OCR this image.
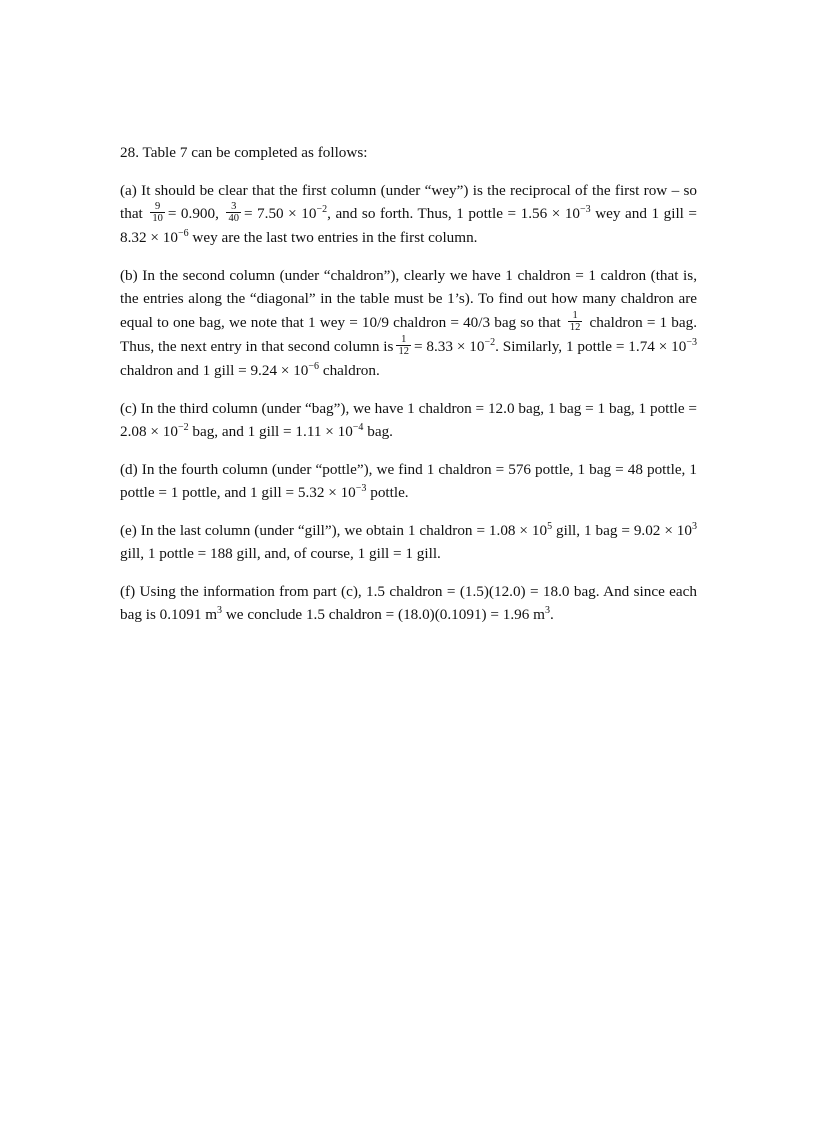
28. Table 7 can be completed as follows:

(a) It should be clear that the first column (under “wey”) is the reciprocal of the first row – so that $\frac{9}{10} = 0.900$, $\frac{3}{40} = 7.50 \times 10^{-2}$, and so forth. Thus, 1 pottle = $1.56 \times 10^{-3}$ wey and 1 gill = $8.32 \times 10^{-6}$ wey are the last two entries in the first column.

(b) In the second column (under “chaldron”), clearly we have 1 chaldron = 1 caldron (that is, the entries along the “diagonal” in the table must be 1’s). To find out how many chaldron are equal to one bag, we note that 1 wey = 10/9 chaldron = 40/3 bag so that $\frac{1}{12}$ chaldron = 1 bag. Thus, the next entry in that second column is $\frac{1}{12} = 8.33 \times 10^{-2}$. Similarly, 1 pottle = $1.74 \times 10^{-3}$ chaldron and 1 gill = $9.24 \times 10^{-6}$ chaldron.

(c) In the third column (under “bag”), we have 1 chaldron = 12.0 bag, 1 bag = 1 bag, 1 pottle = $2.08 \times 10^{-2}$ bag, and 1 gill = $1.11 \times 10^{-4}$ bag.

(d) In the fourth column (under “pottle”), we find 1 chaldron = 576 pottle, 1 bag = 48 pottle, 1 pottle = 1 pottle, and 1 gill = $5.32 \times 10^{-3}$ pottle.

(e) In the last column (under “gill”), we obtain 1 chaldron = $1.08 \times 10^5$ gill, 1 bag = $9.02 \times 10^3$ gill, 1 pottle = 188 gill, and, of course, 1 gill = 1 gill.

(f) Using the information from part (c), 1.5 chaldron = (1.5)(12.0) = 18.0 bag. And since each bag is 0.1091 $m^3$ we conclude 1.5 chaldron = (18.0)(0.1091) = 1.96 $m^3$.
